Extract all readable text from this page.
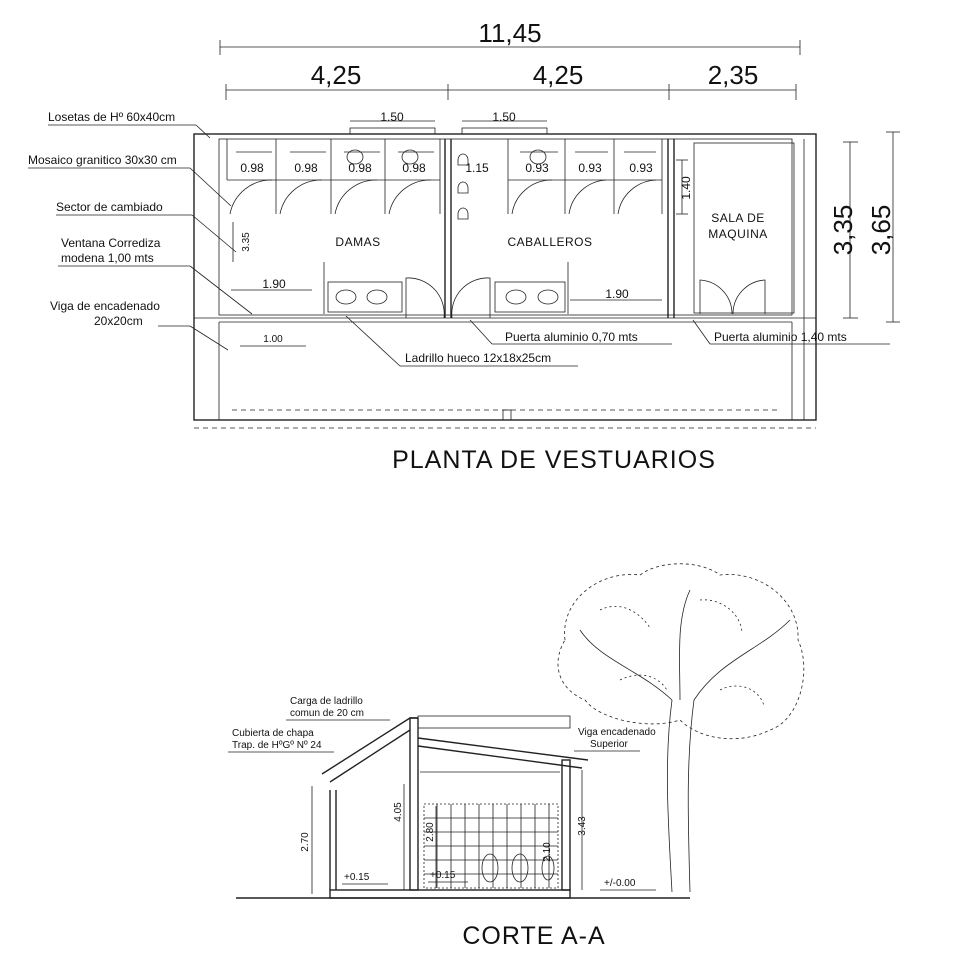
11,45
4,25	4,25	2,35
3,35 3,65
1.50	1.50
0.98	0.98	0.98	0.98	1.15	0.93 0.93 0.93
1.40
1.90
1.90
1.00
3.35	DAMAS	CABALLEROS
SALA DE
MAQUINA
Losetas de Hº 60x40cm
Mosaico granitico 30x30 cm
Sector de cambiado
Ventana Corrediza
modena 1,00 mts
Viga de encadenado
20x20cm
Puerta aluminio 0,70 mts
Ladrillo hueco 12x18x25cm
Puerta aluminio 1,40 mts
PLANTA DE VESTUARIOS
2.70
4.05
2.80	3.43
2.10
+0.15	+0.15
+/-0.00
Carga de ladrillo
comun de 20 cm
Cubierta de chapa
Trap. de HºGº Nº 24
Viga encadenado
Superior
CORTE A-A
